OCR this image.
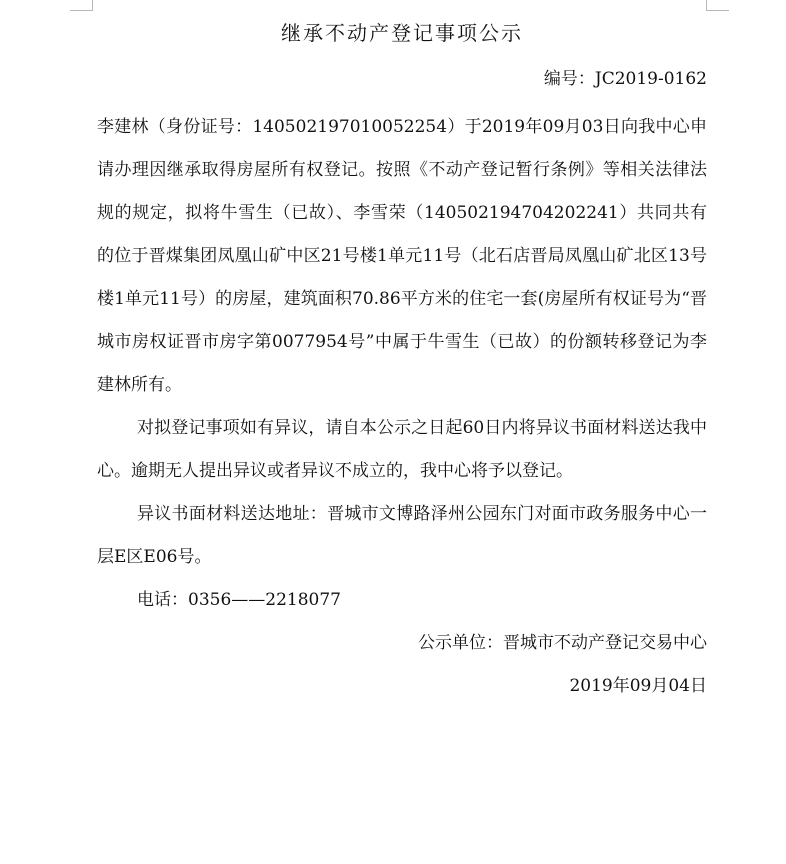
继承不动产登记事项公示

编号：JC2019-0162

李建林（身份证号：140502197010052254）于2019年09月03日向我中心申请办理因继承取得房屋所有权登记。按照《不动产登记暂行条例》等相关法律法规的规定，拟将牛雪生（已故）、李雪荣（140502194704202241）共同共有的位于晋煤集团凤凰山矿中区21号楼1单元11号（北石店晋局凤凰山矿北区13号楼1单元11号）的房屋，建筑面积70.86平方米的住宅一套(房屋所有权证号为“晋城市房权证晋市房字第0077954号”中属于牛雪生（已故）的份额转移登记为李建林所有。

对拟登记事项如有异议，请自本公示之日起60日内将异议书面材料送达我中心。逾期无人提出异议或者异议不成立的，我中心将予以登记。

异议书面材料送达地址：晋城市文博路泽州公园东门对面市政务服务中心一层E区E06号。

电话：0356——2218077

公示单位：晋城市不动产登记交易中心

2019年09月04日
